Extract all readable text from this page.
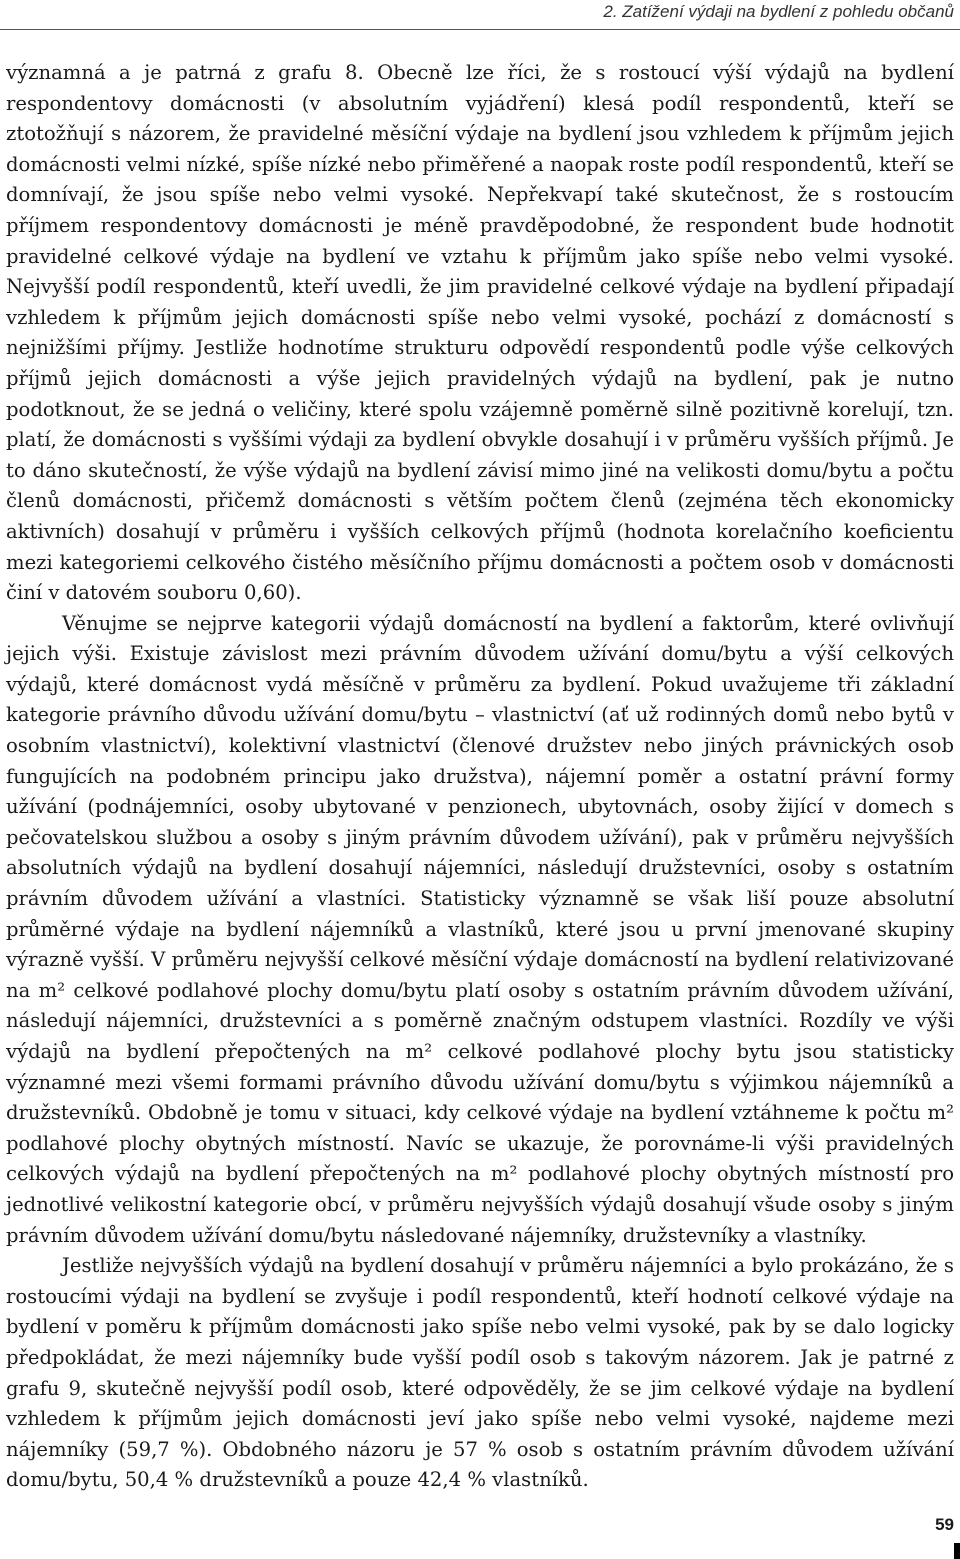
2. Zatížení výdaji na bydlení z pohledu občanů

významná a je patrná z grafu 8. Obecně lze říci, že s rostoucí výší výdajů na bydlení respondentovy domácnosti (v absolutním vyjádření) klesá podíl respondentů, kteří se ztotožňují s názorem, že pravidelné měsíční výdaje na bydlení jsou vzhledem k příjmům jejich domácnosti velmi nízké, spíše nízké nebo přiměřené a naopak roste podíl respondentů, kteří se domnívají, že jsou spíše nebo velmi vysoké. Nepřekvapí také skutečnost, že s rostoucím příjmem respondentovy domácnosti je méně pravděpodobné, že respondent bude hodnotit pravidelné celkové výdaje na bydlení ve vztahu k příjmům jako spíše nebo velmi vysoké. Nejvyšší podíl respondentů, kteří uvedli, že jim pravidelné celkové výdaje na bydlení připadají vzhledem k příjmům jejich domácnosti spíše nebo velmi vysoké, pochází z domácností s nejnižšími příjmy. Jestliže hodnotíme strukturu odpovědí respondentů podle výše celkových příjmů jejich domácnosti a výše jejich pravidelných výdajů na bydlení, pak je nutno podotknout, že se jedná o veličiny, které spolu vzájemně poměrně silně pozitivně korelují, tzn. platí, že domácnosti s vyššími výdaji za bydlení obvykle dosahují i v průměru vyšších příjmů. Je to dáno skutečností, že výše výdajů na bydlení závisí mimo jiné na velikosti domu/bytu a počtu členů domácnosti, přičemž domácnosti s větším počtem členů (zejména těch ekonomicky aktivních) dosahují v průměru i vyšších celkových příjmů (hodnota korelačního koeficientu mezi kategoriemi celkového čistého měsíčního příjmu domácnosti a počtem osob v domácnosti činí v datovém souboru 0,60).

Věnujme se nejprve kategorii výdajů domácností na bydlení a faktorům, které ovlivňují jejich výši. Existuje závislost mezi právním důvodem užívání domu/bytu a výší celkových výdajů, které domácnost vydá měsíčně v průměru za bydlení. Pokud uvažujeme tři základní kategorie právního důvodu užívání domu/bytu – vlastnictví (ať už rodinných domů nebo bytů v osobním vlastnictví), kolektivní vlastnictví (členové družstev nebo jiných právnických osob fungujících na podobném principu jako družstva), nájemní poměr a ostatní právní formy užívání (podnájemníci, osoby ubytované v penzionech, ubytovnách, osoby žijící v domech s pečovatelskou službou a osoby s jiným právním důvodem užívání), pak v průměru nejvyšších absolutních výdajů na bydlení dosahují nájemníci, následují družstevníci, osoby s ostatním právním důvodem užívání a vlastníci. Statisticky významně se však liší pouze absolutní průměrné výdaje na bydlení nájemníků a vlastníků, které jsou u první jmenované skupiny výrazně vyšší. V průměru nejvyšší celkové měsíční výdaje domácností na bydlení relativizované na m² celkové podlahové plochy domu/bytu platí osoby s ostatním právním důvodem užívání, následují nájemníci, družstevníci a s poměrně značným odstupem vlastníci. Rozdíly ve výši výdajů na bydlení přepočtených na m² celkové podlahové plochy bytu jsou statisticky významné mezi všemi formami právního důvodu užívání domu/bytu s výjimkou nájemníků a družstevníků. Obdobně je tomu v situaci, kdy celkové výdaje na bydlení vztáhneme k počtu m² podlahové plochy obytných místností. Navíc se ukazuje, že porovnáme-li výši pravidelných celkových výdajů na bydlení přepočtených na m² podlahové plochy obytných místností pro jednotlivé velikostní kategorie obcí, v průměru nejvyšších výdajů dosahují všude osoby s jiným právním důvodem užívání domu/bytu následované nájemníky, družstevníky a vlastníky.

Jestliže nejvyšších výdajů na bydlení dosahují v průměru nájemníci a bylo prokázáno, že s rostoucími výdaji na bydlení se zvyšuje i podíl respondentů, kteří hodnotí celkové výdaje na bydlení v poměru k příjmům domácnosti jako spíše nebo velmi vysoké, pak by se dalo logicky předpokládat, že mezi nájemníky bude vyšší podíl osob s takovým názorem. Jak je patrné z grafu 9, skutečně nejvyšší podíl osob, které odpověděly, že se jim celkové výdaje na bydlení vzhledem k příjmům jejich domácnosti jeví jako spíše nebo velmi vysoké, najdeme mezi nájemníky (59,7 %). Obdobného názoru je 57 % osob s ostatním právním důvodem užívání domu/bytu, 50,4 % družstevníků a pouze 42,4 % vlastníků.

59
